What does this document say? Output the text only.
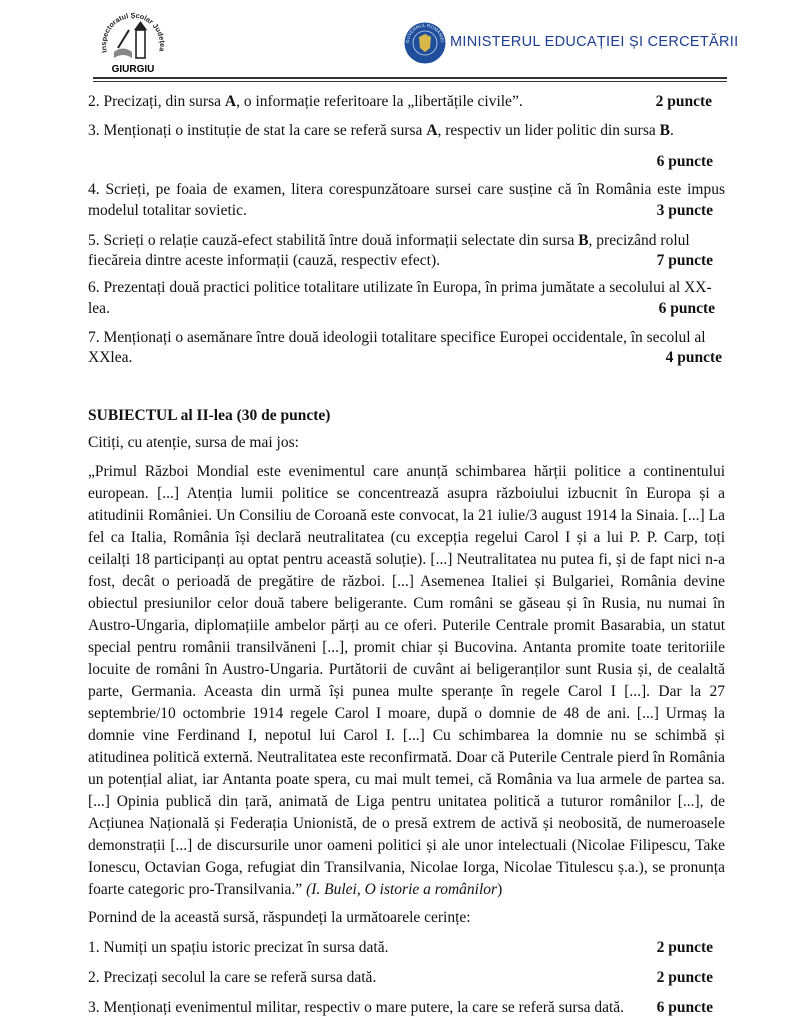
Inspectoratul Școlar Județea
GIURGIU
GUVERNUL ROMÂNIEI MINISTERUL EDUCAȚIEI ȘI CERCETĂRII
2. Precizați, din sursa A, o informație referitoare la „libertățile civile”.	2 puncte
3. Menționați o instituție de stat la care se referă sursa A, respectiv un lider politic din sursa B.
6 puncte
4. Scrieți, pe foaia de examen, litera corespunzătoare sursei care susține că în România este impus
modelul totalitar sovietic.	3 puncte
5. Scrieți o relație cauză-efect stabilită între două informații selectate din sursa B, precizând rolul
fiecăreia dintre aceste informații (cauză, respectiv efect).	7 puncte
6. Prezentați două practici politice totalitare utilizate în Europa, în prima jumătate a secolului al XX-
lea.	6 puncte
7. Menționați o asemănare între două ideologii totalitare specifice Europei occidentale, în secolul al
XXlea.	4 puncte
SUBIECTUL al II-lea (30 de puncte)
Citiți, cu atenție, sursa de mai jos:
„Primul Război Mondial este evenimentul care anunță schimbarea hărții politice a continentului european. [...] Atenția lumii politice se concentrează asupra războiului izbucnit în Europa și a atitudinii României. Un Consiliu de Coroană este convocat, la 21 iulie/3 august 1914 la Sinaia. [...] La fel ca Italia, România își declară neutralitatea (cu excepția regelui Carol I și a lui P. P. Carp, toți ceilalți 18 participanți au optat pentru această soluție). [...] Neutralitatea nu putea fi, și de fapt nici n-a fost, decât o perioadă de pregătire de război. [...] Asemenea Italiei și Bulgariei, România devine obiectul presiunilor celor două tabere beligerante. Cum români se găseau și în Rusia, nu numai în Austro-Ungaria, diplomațiile ambelor părți au ce oferi. Puterile Centrale promit Basarabia, un statut special pentru românii transilvăneni [...], promit chiar și Bucovina. Antanta promite toate teritoriile locuite de români în Austro-Ungaria. Purtătorii de cuvânt ai beligeranților sunt Rusia și, de cealaltă parte, Germania. Aceasta din urmă își punea multe speranțe în regele Carol I [...]. Dar la 27 septembrie/10 octombrie 1914 regele Carol I moare, după o domnie de 48 de ani. [...] Urmaș la domnie vine Ferdinand I, nepotul lui Carol I. [...] Cu schimbarea la domnie nu se schimbă și atitudinea politică externă. Neutralitatea este reconfirmată. Doar că Puterile Centrale pierd în România un potențial aliat, iar Antanta poate spera, cu mai mult temei, că România va lua armele de partea sa. [...] Opinia publică din țară, animată de Liga pentru unitatea politică a tuturor românilor [...], de Acțiunea Națională și Federația Unionistă, de o presă extrem de activă și neobosită, de numeroasele demonstrații [...] de discursurile unor oameni politici și ale unor intelectuali (Nicolae Filipescu, Take Ionescu, Octavian Goga, refugiat din Transilvania, Nicolae Iorga, Nicolae Titulescu ș.a.), se pronunța foarte categoric pro-Transilvania.” (I. Bulei, O istorie a românilor)
Pornind de la această sursă, răspundeți la următoarele cerințe:
1. Numiți un spațiu istoric precizat în sursa dată.	2 puncte
2. Precizați secolul la care se referă sursa dată.	2 puncte
3. Menționați evenimentul militar, respectiv o mare putere, la care se referă sursa dată. 6 puncte
